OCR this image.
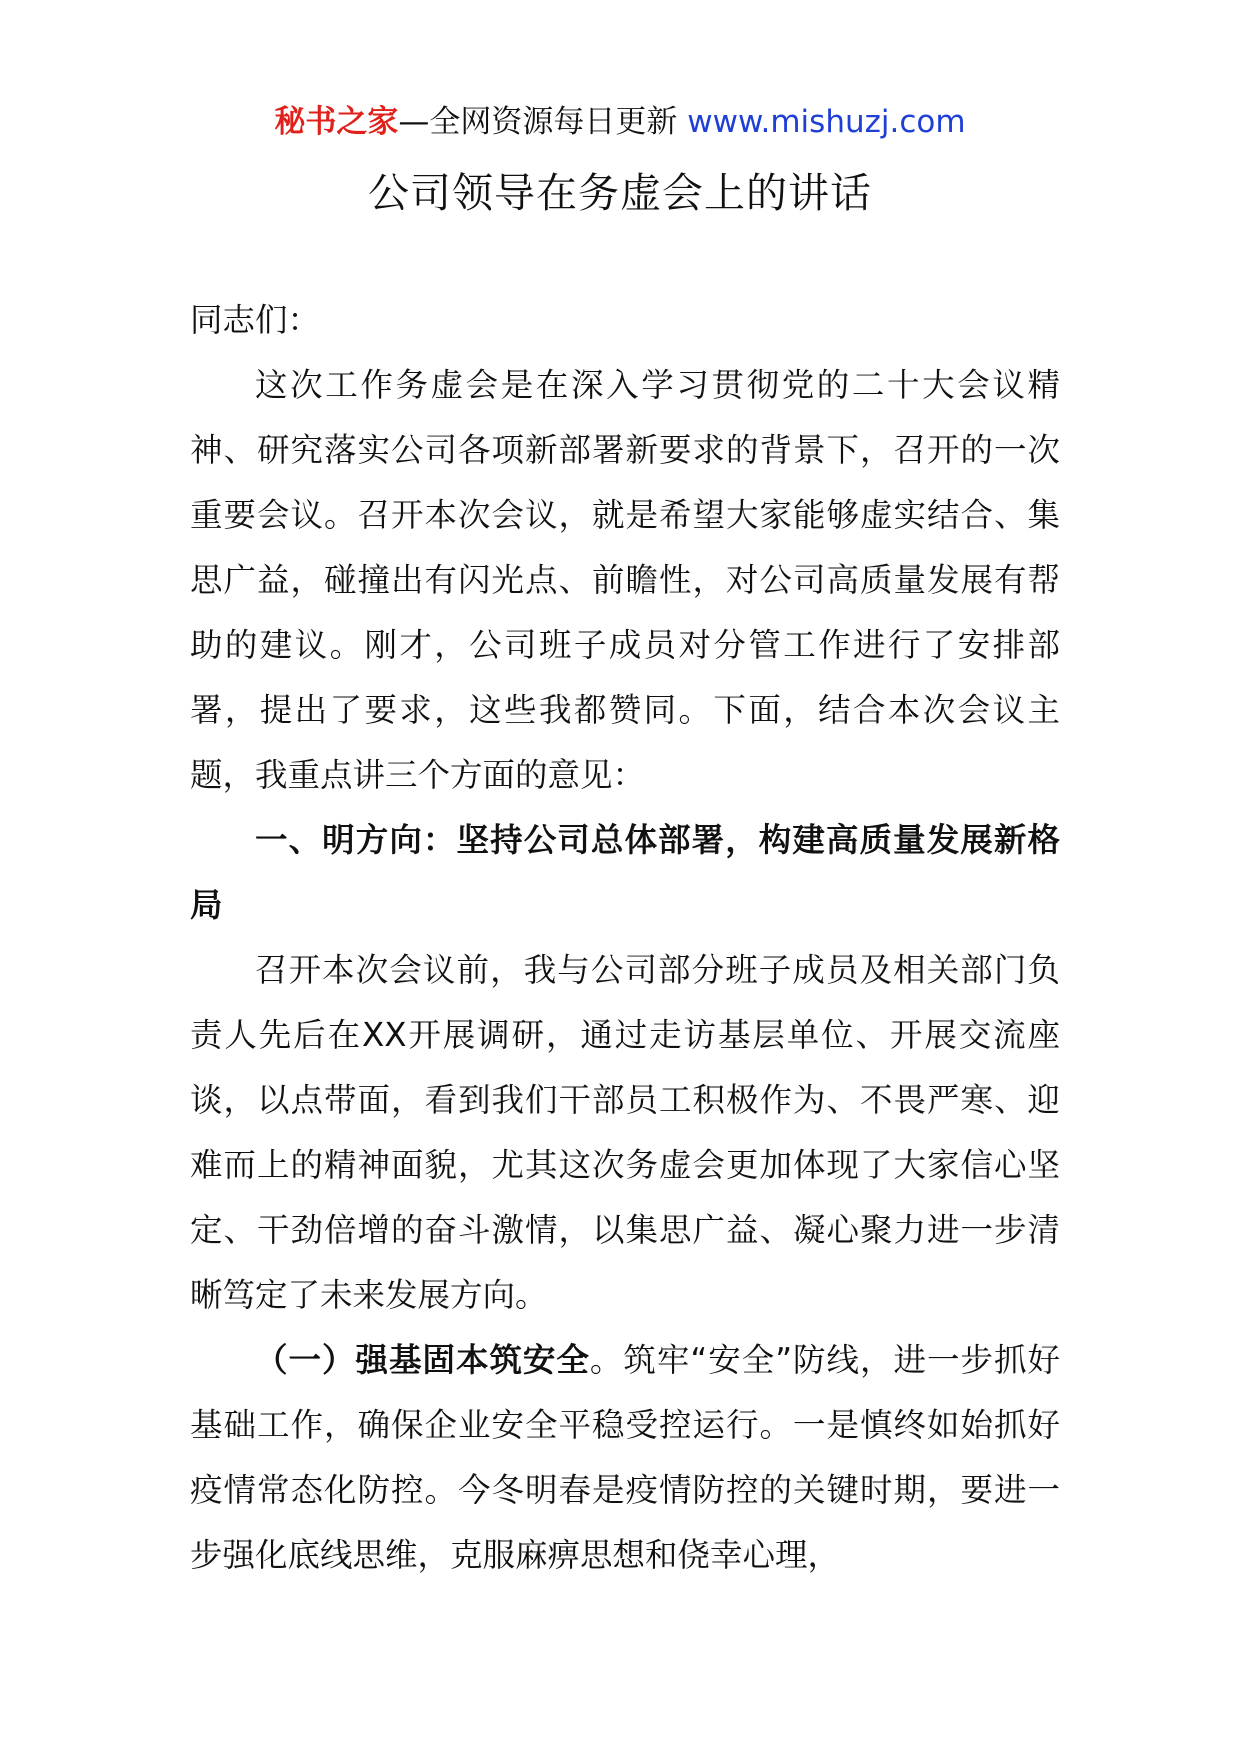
秘书之家—全网资源每日更新 www.mishuzj.com
公司领导在务虚会上的讲话

同志们：

这次工作务虚会是在深入学习贯彻党的二十大会议精神、研究落实公司各项新部署新要求的背景下，召开的一次重要会议。召开本次会议，就是希望大家能够虚实结合、集思广益，碰撞出有闪光点、前瞻性，对公司高质量发展有帮助的建议。刚才，公司班子成员对分管工作进行了安排部署，提出了要求，这些我都赞同。下面，结合本次会议主题，我重点讲三个方面的意见：

一、明方向：坚持公司总体部署，构建高质量发展新格局

召开本次会议前，我与公司部分班子成员及相关部门负责人先后在XX开展调研，通过走访基层单位、开展交流座谈，以点带面，看到我们干部员工积极作为、不畏严寒、迎难而上的精神面貌，尤其这次务虚会更加体现了大家信心坚定、干劲倍增的奋斗激情，以集思广益、凝心聚力进一步清晰笃定了未来发展方向。

（一）强基固本筑安全。筑牢“安全”防线，进一步抓好基础工作，确保企业安全平稳受控运行。一是慎终如始抓好疫情常态化防控。今冬明春是疫情防控的关键时期，要进一步强化底线思维，克服麻痹思想和侥幸心理，
